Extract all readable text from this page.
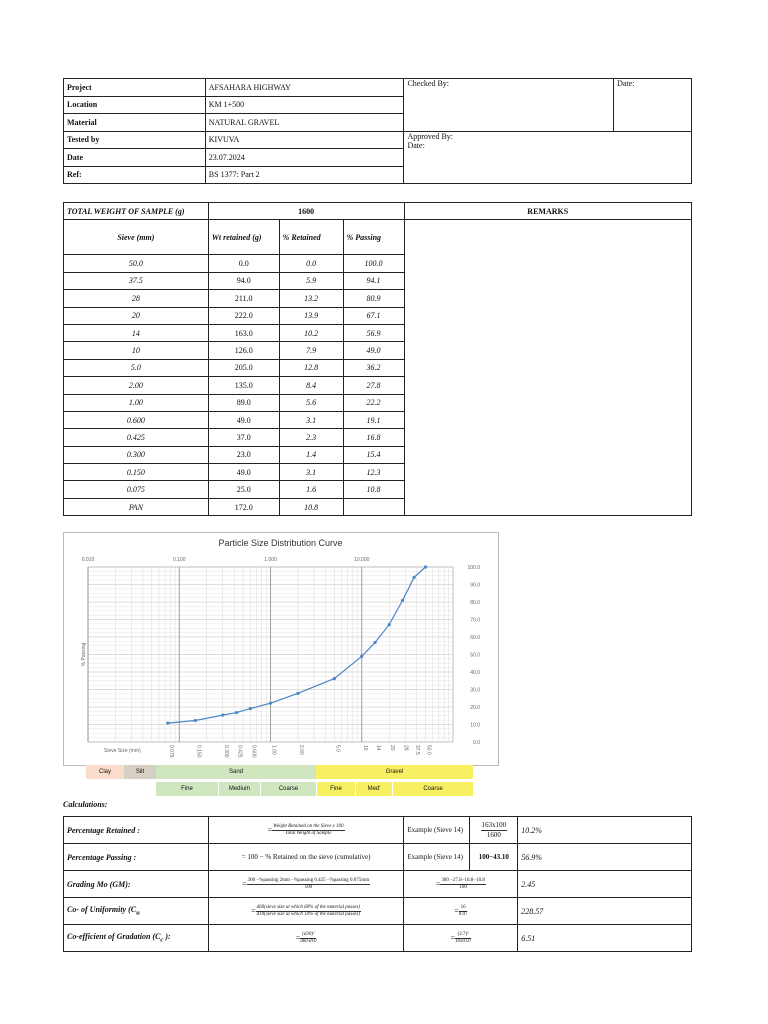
Project	AFSAHARA HIGHWAY	Checked By:	Date:
Location	KM 1+500		
Material	NATURAL GRAVEL		
Tested by	KIVUVA	Approved By:
Date:	

Date	23.07.2024		
Ref:	BS 1377: Part 2		
TOTAL WEIGHT OF SAMPLE (g)	1600			REMARKS
Sieve (mm)	Wt retained (g)	% Retained	% Passing	
50.0	0.0	0.0	100.0	
37.5	94.0	5.9	94.1	
28	211.0	13.2	80.9	
20	222.0	13.9	67.1	
14	163.0	10.2	56.9	
10	126.0	7.9	49.0	
5.0	205.0	12.8	36.2	
2.00	135.0	8.4	27.8	
1.00	89.0	5.6	22.2	
0.600	49.0	3.1	19.1	
0.425	37.0	2.3	16.8	
0.300	23.0	1.4	15.4	
0.150	49.0	3.1	12.3	
0.075	25.0	1.6	10.8	
PAN	172.0	10.8		
Particle Size Distribution Curve
0.010	0.100	1.000	10.000
0.0
10.0
20.0
30.0
40.0
50.0
60.0
70.0
80.0
90.0
100.0
% Passing
Sieve Size (mm)	0.075	0.150	0.300 0.425 0.600	1.00	2.00	5.0	10 14 20 28 37.5 50.0
Clay	Silt	Sand	Gravel
Fine	Medium	Coarse	Fine	Med'	Coarse
Calculations:
Percentage Retained :	= $\frac{\text{Weight Retained on the Sieve x 100}}{\text{Total Weight of Sample}}$	Example (Sieve 14)	$\frac{163x100}{1600}$	10.2%
Percentage Passing :	= 100 − % Retained on the sieve (cumulative)	Example (Sieve 14)	100−43.10	56.9%
Grading Mo (GM):	= $\frac{\text{300 −\%passing 2mm −\%passing 0.425 −\%passing 0.075mm}}{100}$	= $\frac{300 -27.8-16.8-10.8}{100}$		2.45
Co- of Uniformity ($C_u$	= $\frac{\text{d60(sieve size at which 60\% of the material passes)}}{\text{d10(sieve size at which 10\% of the material passes)}}$	= $\frac{16}{0.07}$		228.57
Co-efficient of Gradation ($C_c$ ):	= $\frac{\text{(d30)²}}{d60\cdot d10}$	= $\frac{\text{(2.7)²}}{16x0.07}$		6.51
